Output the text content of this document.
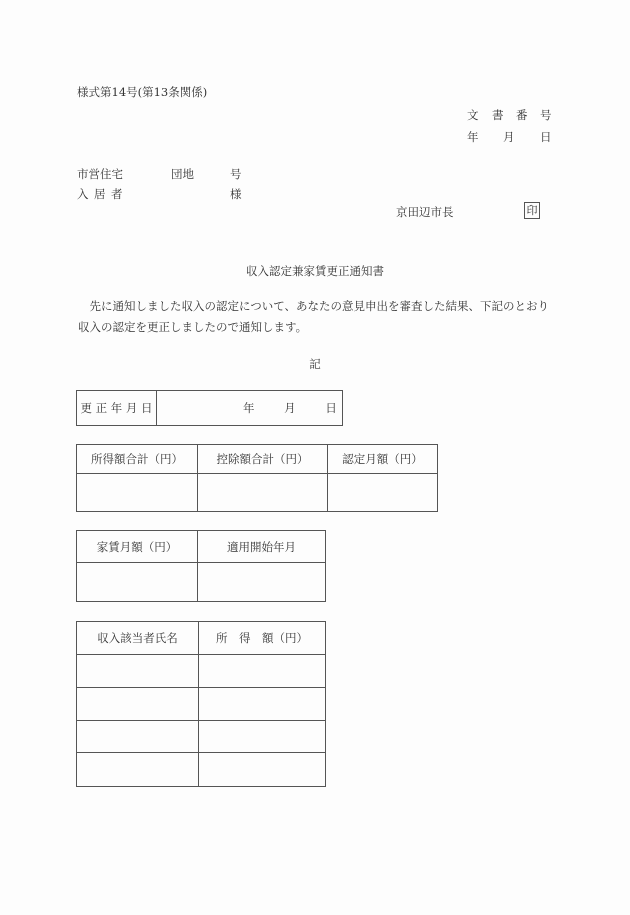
様式第14号(第13条関係)
文 書 番 号
年 月 日
市営住宅	団地	号
入 居 者	様
京田辺市長	印
収入認定兼家賃更正通知書
先に通知しました収入の認定について、あなたの意見申出を審査した結果、下記のとおり収入の認定を更正しましたので通知します。
記
更 正 年 月 日	年	月	日
所得額合計（円）	控除額合計（円）	認定月額（円）

家賃月額（円）	適用開始年月

収入該当者氏名	所　得　額（円）
